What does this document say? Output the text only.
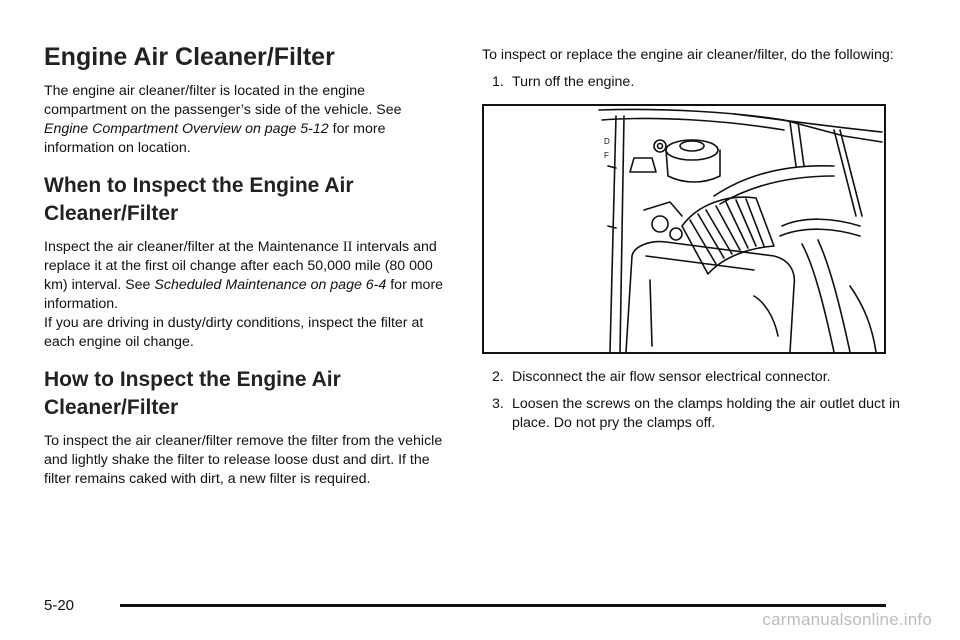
Engine Air Cleaner/Filter

The engine air cleaner/filter is located in the engine compartment on the passenger’s side of the vehicle. See Engine Compartment Overview on page 5-12 for more information on location.

When to Inspect the Engine Air Cleaner/Filter

Inspect the air cleaner/filter at the Maintenance II intervals and replace it at the first oil change after each 50,000 mile (80 000 km) interval. See Scheduled Maintenance on page 6-4 for more information.

If you are driving in dusty/dirty conditions, inspect the filter at each engine oil change.

How to Inspect the Engine Air Cleaner/Filter

To inspect the air cleaner/filter remove the filter from the vehicle and lightly shake the filter to release loose dust and dirt. If the filter remains caked with dirt, a new filter is required.

To inspect or replace the engine air cleaner/filter, do the following:

1. Turn off the engine.
D
F
2. Disconnect the air flow sensor electrical connector.
3. Loosen the screws on the clamps holding the air outlet duct in place. Do not pry the clamps off.
5-20
carmanualsonline.info
